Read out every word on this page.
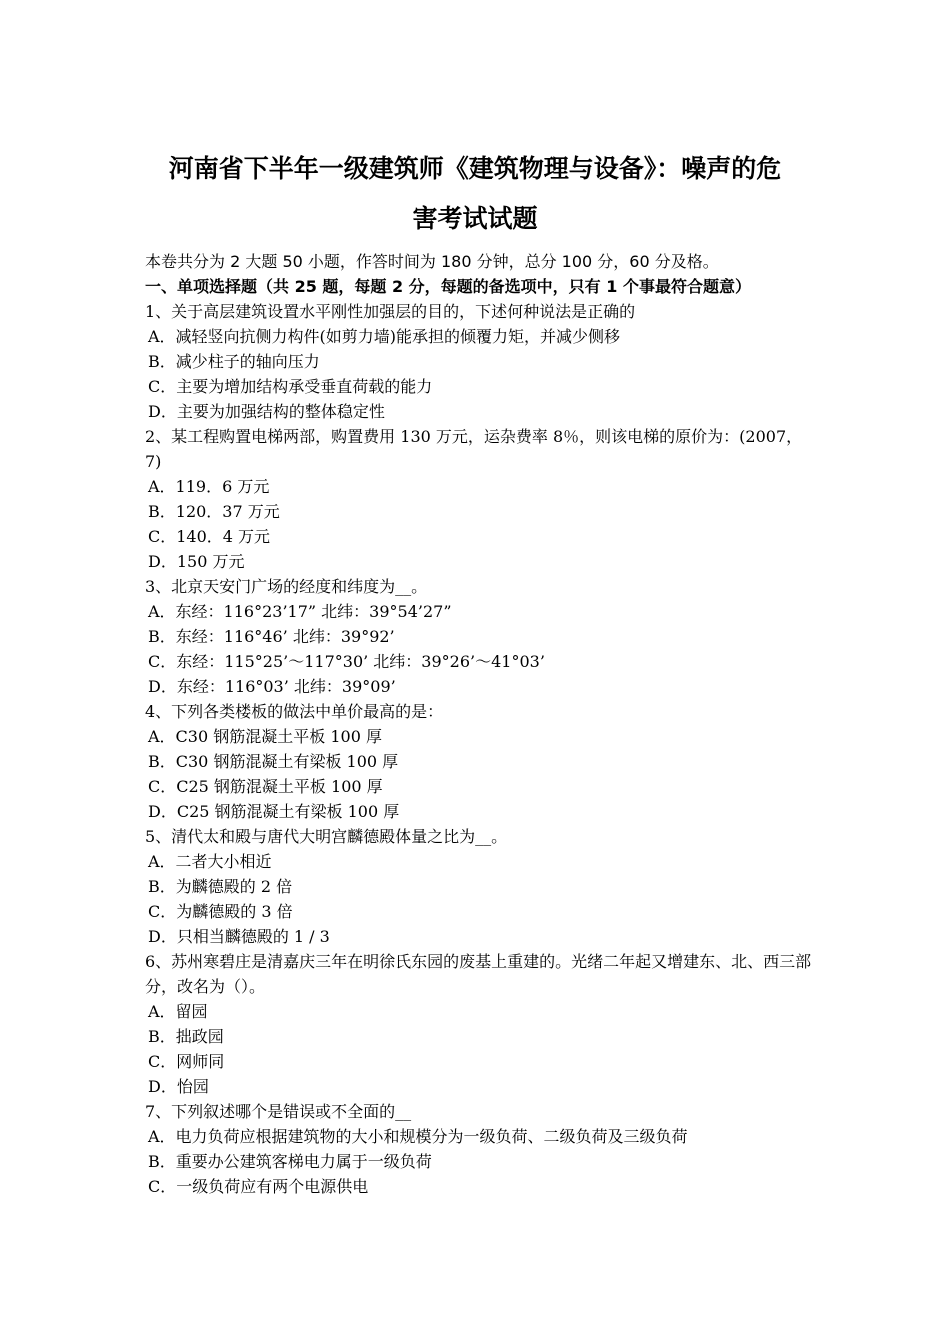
河南省下半年一级建筑师《建筑物理与设备》：噪声的危
害考试试题
本卷共分为 2 大题 50 小题，作答时间为 180 分钟，总分 100 分，60 分及格。
一、单项选择题（共 25 题，每题 2 分，每题的备选项中，只有 1 个事最符合题意）
1、关于高层建筑设置水平刚性加强层的目的，下述何种说法是正确的
A．减轻竖向抗侧力构件(如剪力墙)能承担的倾覆力矩，并减少侧移
B．减少柱子的轴向压力
C．主要为增加结构承受垂直荷载的能力
D．主要为加强结构的整体稳定性
2、某工程购置电梯两部，购置费用 130 万元，运杂费率 8％，则该电梯的原价为：(2007，7)
A．119．6 万元
B．120．37 万元
C．140．4 万元
D．150 万元
3、北京天安门广场的经度和纬度为__。
A．东经：116°23’17” 北纬：39°54’27”
B．东经：116°46’ 北纬：39°92’
C．东经：115°25’～117°30’ 北纬：39°26’～41°03’
D．东经：116°03’ 北纬：39°09’
4、下列各类楼板的做法中单价最高的是：
A．C30 钢筋混凝土平板 100 厚
B．C30 钢筋混凝土有梁板 100 厚
C．C25 钢筋混凝土平板 100 厚
D．C25 钢筋混凝土有梁板 100 厚
5、清代太和殿与唐代大明宫麟德殿体量之比为__。
A．二者大小相近
B．为麟德殿的 2 倍
C．为麟德殿的 3 倍
D．只相当麟德殿的 1 / 3
6、苏州寒碧庄是清嘉庆三年在明徐氏东园的废基上重建的。光绪二年起又增建东、北、西三部分，改名为（）。
A．留园
B．拙政园
C．网师同
D．怡园
7、下列叙述哪个是错误或不全面的__
A．电力负荷应根据建筑物的大小和规模分为一级负荷、二级负荷及三级负荷
B．重要办公建筑客梯电力属于一级负荷
C．一级负荷应有两个电源供电
